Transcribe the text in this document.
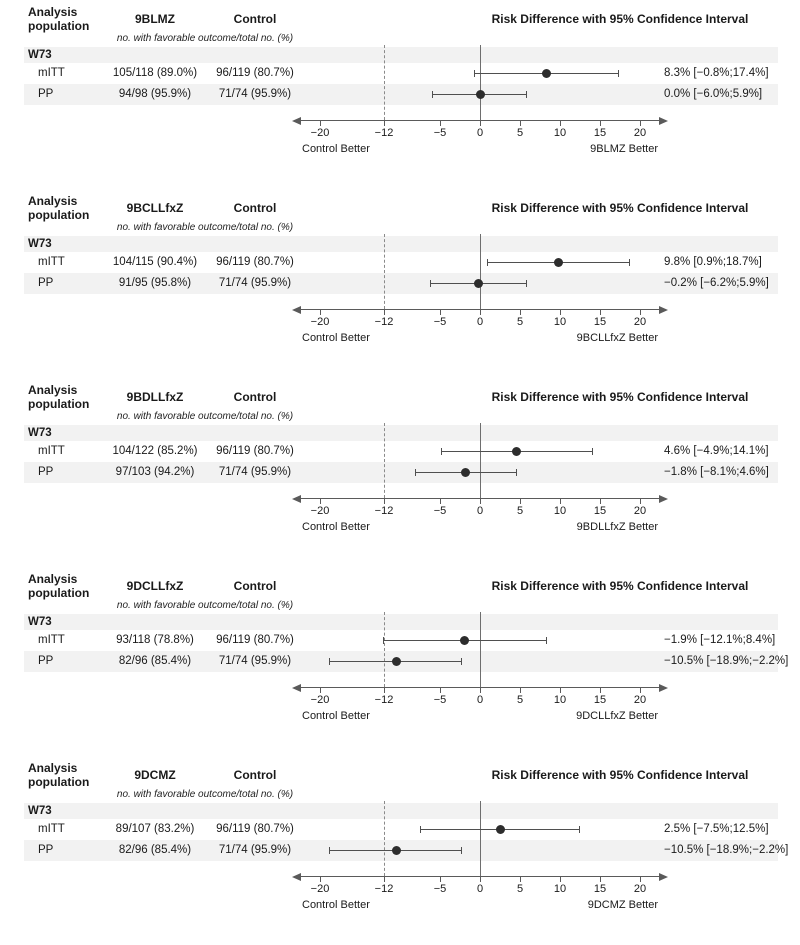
Analysis population	9BLMZ	Control	Risk Difference with 95% Confidence Interval
no. with favorable outcome/total no. (%)
W73
mITT	105/118 (89.0%)	96/119 (80.7%)	8.3% [−0.8%;17.4%]
PP	94/98 (95.9%)	71/74 (95.9%)	0.0% [−6.0%;5.9%]
−20	−12	−5	0	5	10	15	20
Control Better	9BLMZ Better
Analysis population	9BCLLfxZ	Control	Risk Difference with 95% Confidence Interval
no. with favorable outcome/total no. (%)
W73
mITT	104/115 (90.4%)	96/119 (80.7%)	9.8% [0.9%;18.7%]
PP	91/95 (95.8%)	71/74 (95.9%)	−0.2% [−6.2%;5.9%]
−20	−12	−5	0	5	10	15	20
Control Better	9BCLLfxZ Better
Analysis population	9BDLLfxZ	Control	Risk Difference with 95% Confidence Interval
no. with favorable outcome/total no. (%)
W73
mITT	104/122 (85.2%)	96/119 (80.7%)	4.6% [−4.9%;14.1%]
PP	97/103 (94.2%)	71/74 (95.9%)	−1.8% [−8.1%;4.6%]
−20	−12	−5	0	5	10	15	20
Control Better	9BDLLfxZ Better
Analysis population	9DCLLfxZ	Control	Risk Difference with 95% Confidence Interval
no. with favorable outcome/total no. (%)
W73
mITT	93/118 (78.8%)	96/119 (80.7%)	−1.9% [−12.1%;8.4%]
PP	82/96 (85.4%)	71/74 (95.9%)	−10.5% [−18.9%;−2.2%]
−20	−12	−5	0	5	10	15	20
Control Better	9DCLLfxZ Better
Analysis population	9DCMZ	Control	Risk Difference with 95% Confidence Interval
no. with favorable outcome/total no. (%)
W73
mITT	89/107 (83.2%)	96/119 (80.7%)	2.5% [−7.5%;12.5%]
PP	82/96 (85.4%)	71/74 (95.9%)	−10.5% [−18.9%;−2.2%]
−20	−12	−5	0	5	10	15	20
Control Better	9DCMZ Better
